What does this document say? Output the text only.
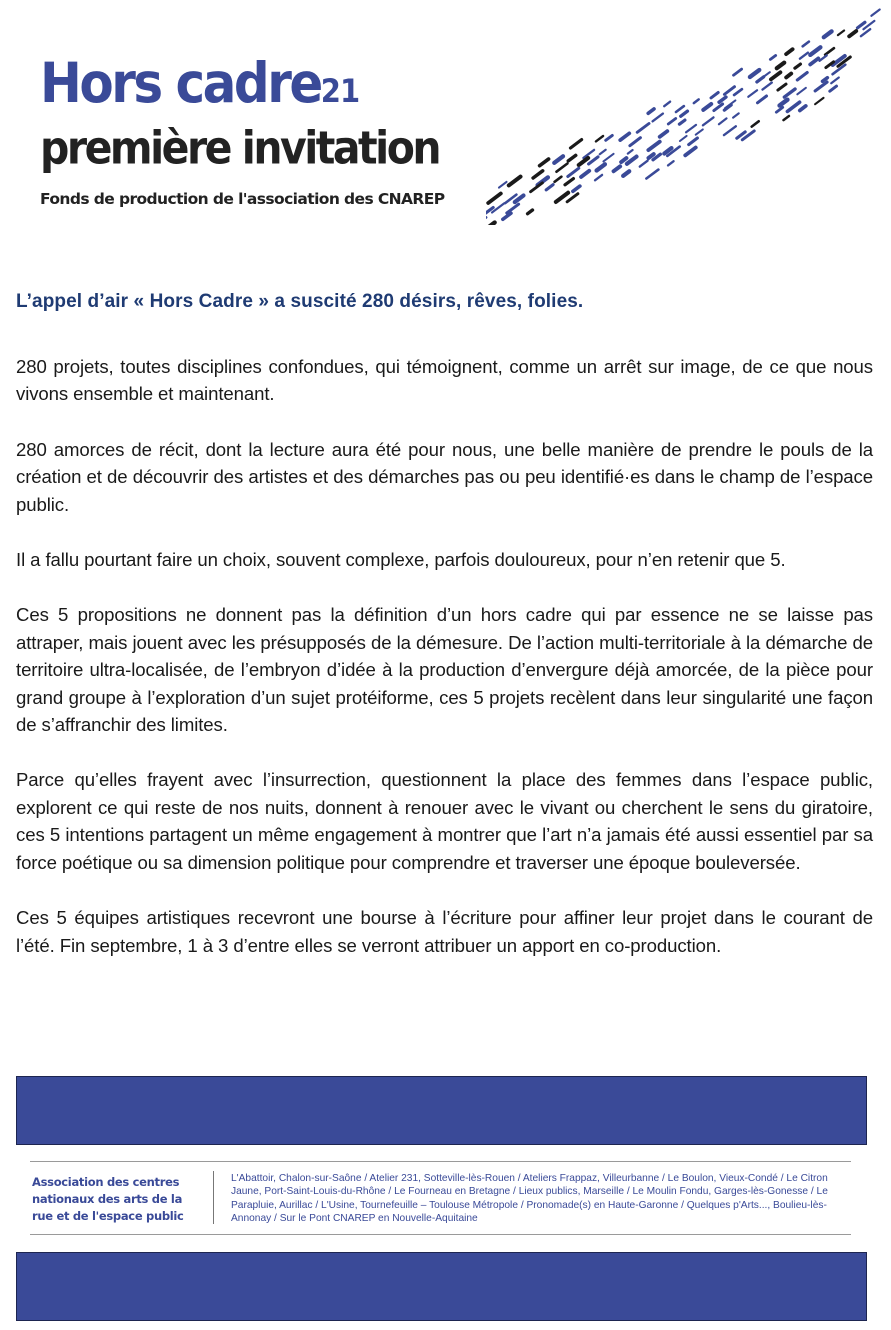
Hors cadre21
première invitation

Fonds de production de l'association des CNAREP

L’appel d’air « Hors Cadre » a suscité 280 désirs, rêves, folies.

280 projets, toutes disciplines confondues, qui témoignent, comme un arrêt sur image, de ce que nous vivons ensemble et maintenant.

280 amorces de récit, dont la lecture aura été pour nous, une belle manière de prendre le pouls de la création et de découvrir des artistes et des démarches pas ou peu identifié·es dans le champ de l’espace public.

Il a fallu pourtant faire un choix, souvent complexe, parfois douloureux, pour n’en retenir que 5.

Ces 5 propositions ne donnent pas la définition d’un hors cadre qui par essence ne se laisse pas attraper, mais jouent avec les présupposés de la démesure. De l’action multi-territoriale à la démarche de territoire ultra-localisée, de l’embryon d’idée à la production d’envergure déjà amorcée, de la pièce pour grand groupe à l’exploration d’un sujet protéiforme, ces 5 projets recèlent dans leur singularité une façon de s’affranchir des limites.

Parce qu’elles frayent avec l’insurrection, questionnent la place des femmes dans l’espace public, explorent ce qui reste de nos nuits, donnent à renouer avec le vivant ou cherchent le sens du giratoire, ces 5 intentions partagent un même engagement à montrer que l’art n’a jamais été aussi essentiel par sa force poétique ou sa dimension politique pour comprendre et traverser une époque bouleversée.

Ces 5 équipes artistiques recevront une bourse à l’écriture pour affiner leur projet dans le courant de l’été. Fin septembre, 1 à 3 d’entre elles se verront attribuer un apport en co-production.

Association des centres nationaux des arts de la rue et de l'espace public

L'Abattoir, Chalon-sur-Saône / Atelier 231, Sotteville-lès-Rouen / Ateliers Frappaz, Villeurbanne / Le Boulon, Vieux-Condé / Le Citron Jaune, Port-Saint-Louis-du-Rhône / Le Fourneau en Bretagne / Lieux publics, Marseille / Le Moulin Fondu, Garges-lès-Gonesse / Le Parapluie, Aurillac / L'Usine, Tournefeuille – Toulouse Métropole / Pronomade(s) en Haute-Garonne / Quelques p'Arts..., Boulieu-lès-Annonay / Sur le Pont CNAREP en Nouvelle-Aquitaine
